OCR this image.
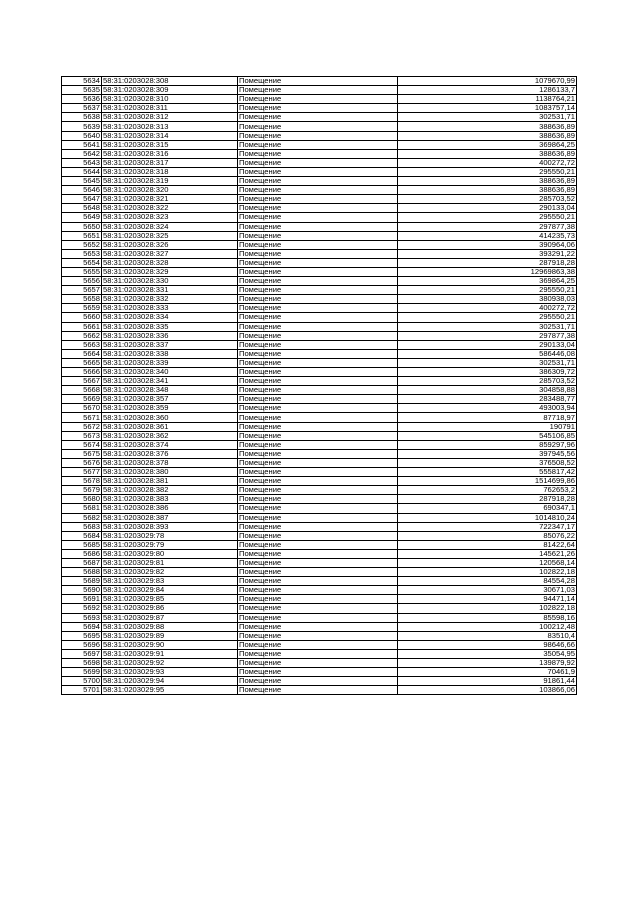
5634	58:31:0203028:308	Помещение	1079670,99
5635	58:31:0203028:309	Помещение	1286133,7
5636	58:31:0203028:310	Помещение	1138764,21
5637	58:31:0203028:311	Помещение	1083757,14
5638	58:31:0203028:312	Помещение	302531,71
5639	58:31:0203028:313	Помещение	388636,89
5640	58:31:0203028:314	Помещение	388636,89
5641	58:31:0203028:315	Помещение	369864,25
5642	58:31:0203028:316	Помещение	388636,89
5643	58:31:0203028:317	Помещение	400272,72
5644	58:31:0203028:318	Помещение	295550,21
5645	58:31:0203028:319	Помещение	388636,89
5646	58:31:0203028:320	Помещение	388636,89
5647	58:31:0203028:321	Помещение	285703,52
5648	58:31:0203028:322	Помещение	290133,04
5649	58:31:0203028:323	Помещение	295550,21
5650	58:31:0203028:324	Помещение	297877,38
5651	58:31:0203028:325	Помещение	414235,73
5652	58:31:0203028:326	Помещение	390964,06
5653	58:31:0203028:327	Помещение	393291,22
5654	58:31:0203028:328	Помещение	287918,28
5655	58:31:0203028:329	Помещение	12969863,38
5656	58:31:0203028:330	Помещение	369864,25
5657	58:31:0203028:331	Помещение	295550,21
5658	58:31:0203028:332	Помещение	380938,03
5659	58:31:0203028:333	Помещение	400272,72
5660	58:31:0203028:334	Помещение	295550,21
5661	58:31:0203028:335	Помещение	302531,71
5662	58:31:0203028:336	Помещение	297877,38
5663	58:31:0203028:337	Помещение	290133,04
5664	58:31:0203028:338	Помещение	586446,08
5665	58:31:0203028:339	Помещение	302531,71
5666	58:31:0203028:340	Помещение	386309,72
5667	58:31:0203028:341	Помещение	285703,52
5668	58:31:0203028:348	Помещение	304858,88
5669	58:31:0203028:357	Помещение	283488,77
5670	58:31:0203028:359	Помещение	493003,94
5671	58:31:0203028:360	Помещение	87718,97
5672	58:31:0203028:361	Помещение	190791
5673	58:31:0203028:362	Помещение	545106,85
5674	58:31:0203028:374	Помещение	859297,96
5675	58:31:0203028:376	Помещение	397945,56
5676	58:31:0203028:378	Помещение	376508,52
5677	58:31:0203028:380	Помещение	555817,42
5678	58:31:0203028:381	Помещение	1514699,86
5679	58:31:0203028:382	Помещение	762653,2
5680	58:31:0203028:383	Помещение	287918,28
5681	58:31:0203028:386	Помещение	690347,1
5682	58:31:0203028:387	Помещение	1014810,24
5683	58:31:0203028:393	Помещение	722347,17
5684	58:31:0203029:78	Помещение	85076,22
5685	58:31:0203029:79	Помещение	81422,64
5686	58:31:0203029:80	Помещение	145621,26
5687	58:31:0203029:81	Помещение	120568,14
5688	58:31:0203029:82	Помещение	102822,18
5689	58:31:0203029:83	Помещение	84554,28
5690	58:31:0203029:84	Помещение	30671,03
5691	58:31:0203029:85	Помещение	94471,14
5692	58:31:0203029:86	Помещение	102822,18
5693	58:31:0203029:87	Помещение	85598,16
5694	58:31:0203029:88	Помещение	100212,48
5695	58:31:0203029:89	Помещение	83510,4
5696	58:31:0203029:90	Помещение	98646,66
5697	58:31:0203029:91	Помещение	35054,95
5698	58:31:0203029:92	Помещение	139879,92
5699	58:31:0203029:93	Помещение	70461,9
5700	58:31:0203029:94	Помещение	91861,44
5701	58:31:0203029:95	Помещение	103866,06
